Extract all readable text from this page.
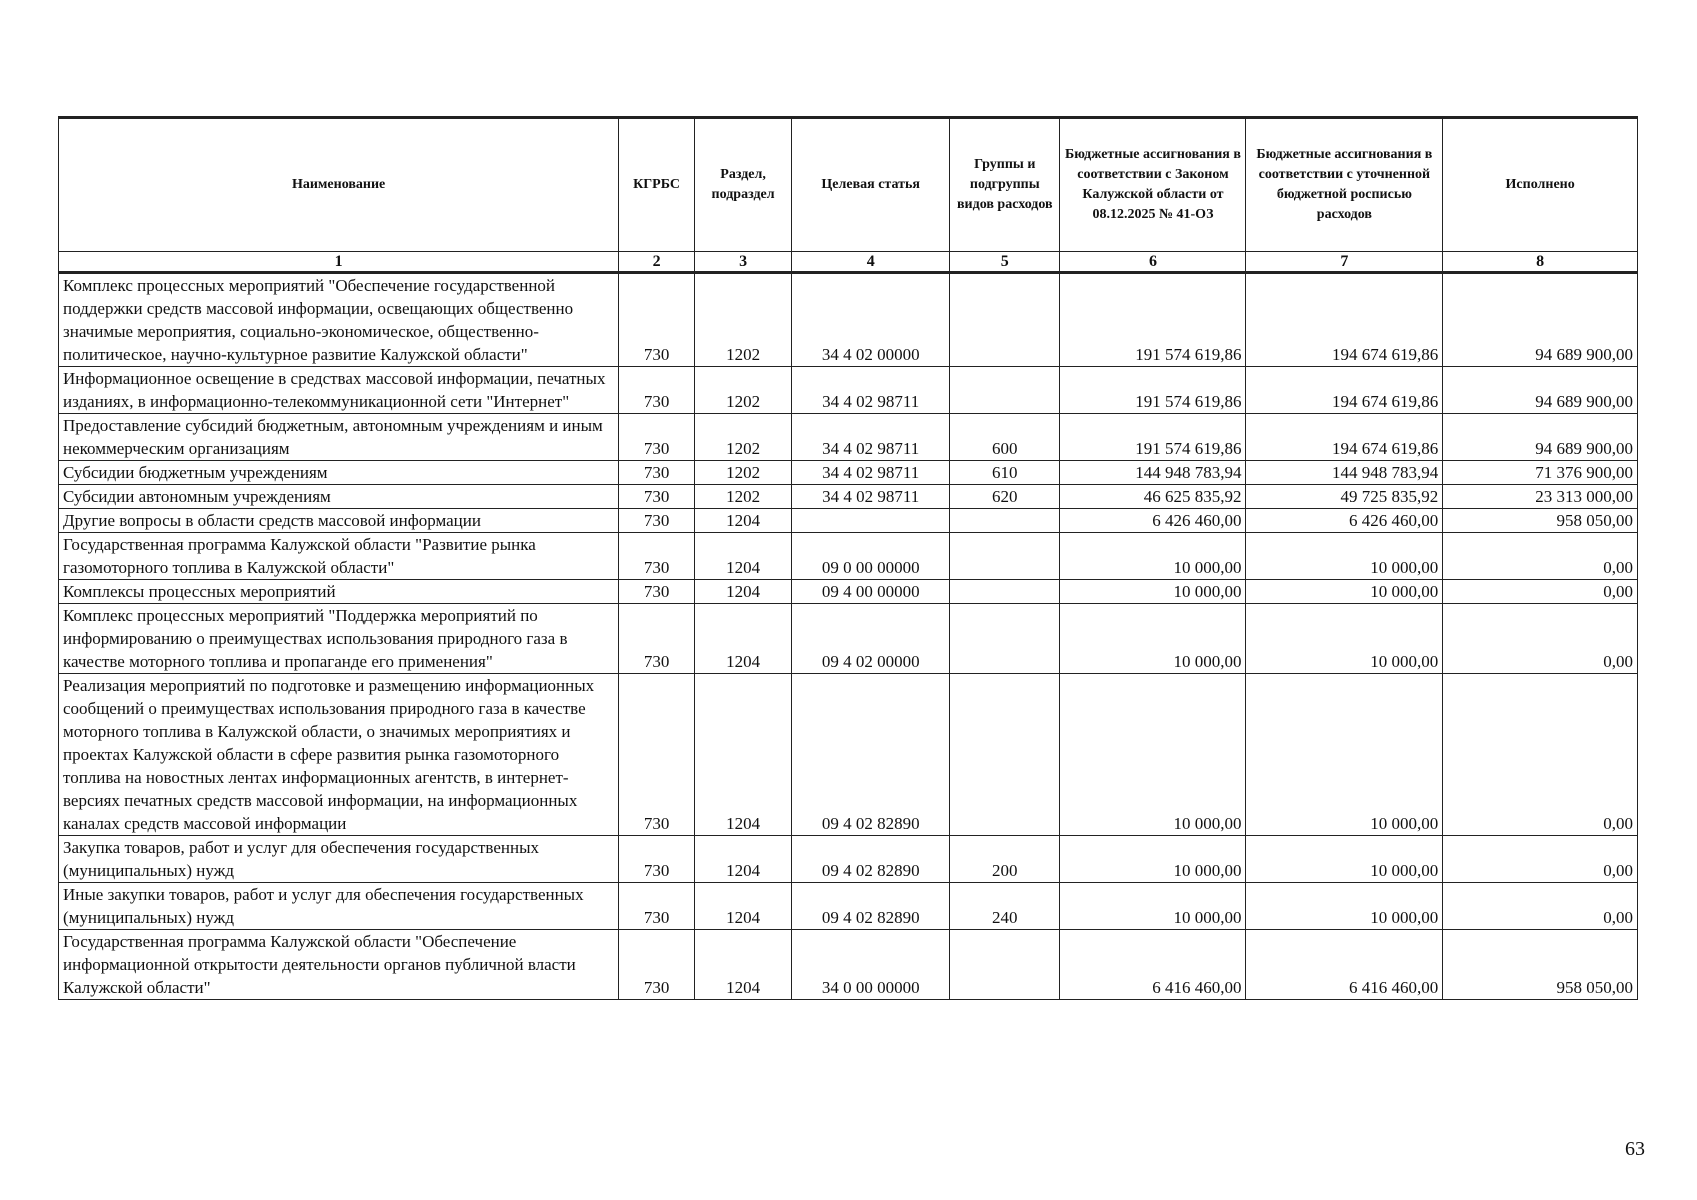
Наименование	КГРБС	Раздел, подраздел	Целевая статья	Группы и подгруппы видов расходов	Бюджетные ассигнования в соответствии с Законом Калужской области от 08.12.2025 № 41-ОЗ	Бюджетные ассигнования в соответствии с уточненной бюджетной росписью расходов	Исполнено
1	2	3	4	5	6	7	8
Комплекс процессных мероприятий "Обеспечение государственной поддержки средств массовой информации, освещающих общественно значимые мероприятия, социально-экономическое, общественно-политическое, научно-культурное развитие Калужской области"	730	1202	34 4 02 00000		191 574 619,86	194 674 619,86	94 689 900,00
Информационное освещение в средствах массовой информации, печатных изданиях, в информационно-телекоммуникационной сети "Интернет"	730	1202	34 4 02 98711		191 574 619,86	194 674 619,86	94 689 900,00
Предоставление субсидий бюджетным, автономным учреждениям и иным некоммерческим организациям	730	1202	34 4 02 98711	600	191 574 619,86	194 674 619,86	94 689 900,00
Субсидии бюджетным учреждениям	730	1202	34 4 02 98711	610	144 948 783,94	144 948 783,94	71 376 900,00
Субсидии автономным учреждениям	730	1202	34 4 02 98711	620	46 625 835,92	49 725 835,92	23 313 000,00
Другие вопросы в области средств массовой информации	730	1204			6 426 460,00	6 426 460,00	958 050,00
Государственная программа Калужской области "Развитие рынка газомоторного топлива в Калужской области"	730	1204	09 0 00 00000		10 000,00	10 000,00	0,00
Комплексы процессных мероприятий	730	1204	09 4 00 00000		10 000,00	10 000,00	0,00
Комплекс процессных мероприятий "Поддержка мероприятий по информированию о преимуществах использования природного газа в качестве моторного топлива и пропаганде его применения"	730	1204	09 4 02 00000		10 000,00	10 000,00	0,00
Реализация мероприятий по подготовке и размещению информационных сообщений о преимуществах использования природного газа в качестве моторного топлива в Калужской области, о значимых мероприятиях и проектах Калужской области в сфере развития рынка газомоторного топлива на новостных лентах информационных агентств, в интернет-версиях печатных средств массовой информации, на информационных каналах средств массовой информации	730	1204	09 4 02 82890		10 000,00	10 000,00	0,00
Закупка товаров, работ и услуг для обеспечения государственных (муниципальных) нужд	730	1204	09 4 02 82890	200	10 000,00	10 000,00	0,00
Иные закупки товаров, работ и услуг для обеспечения государственных (муниципальных) нужд	730	1204	09 4 02 82890	240	10 000,00	10 000,00	0,00
Государственная программа Калужской области "Обеспечение информационной открытости деятельности органов публичной власти Калужской области"	730	1204	34 0 00 00000		6 416 460,00	6 416 460,00	958 050,00
63
